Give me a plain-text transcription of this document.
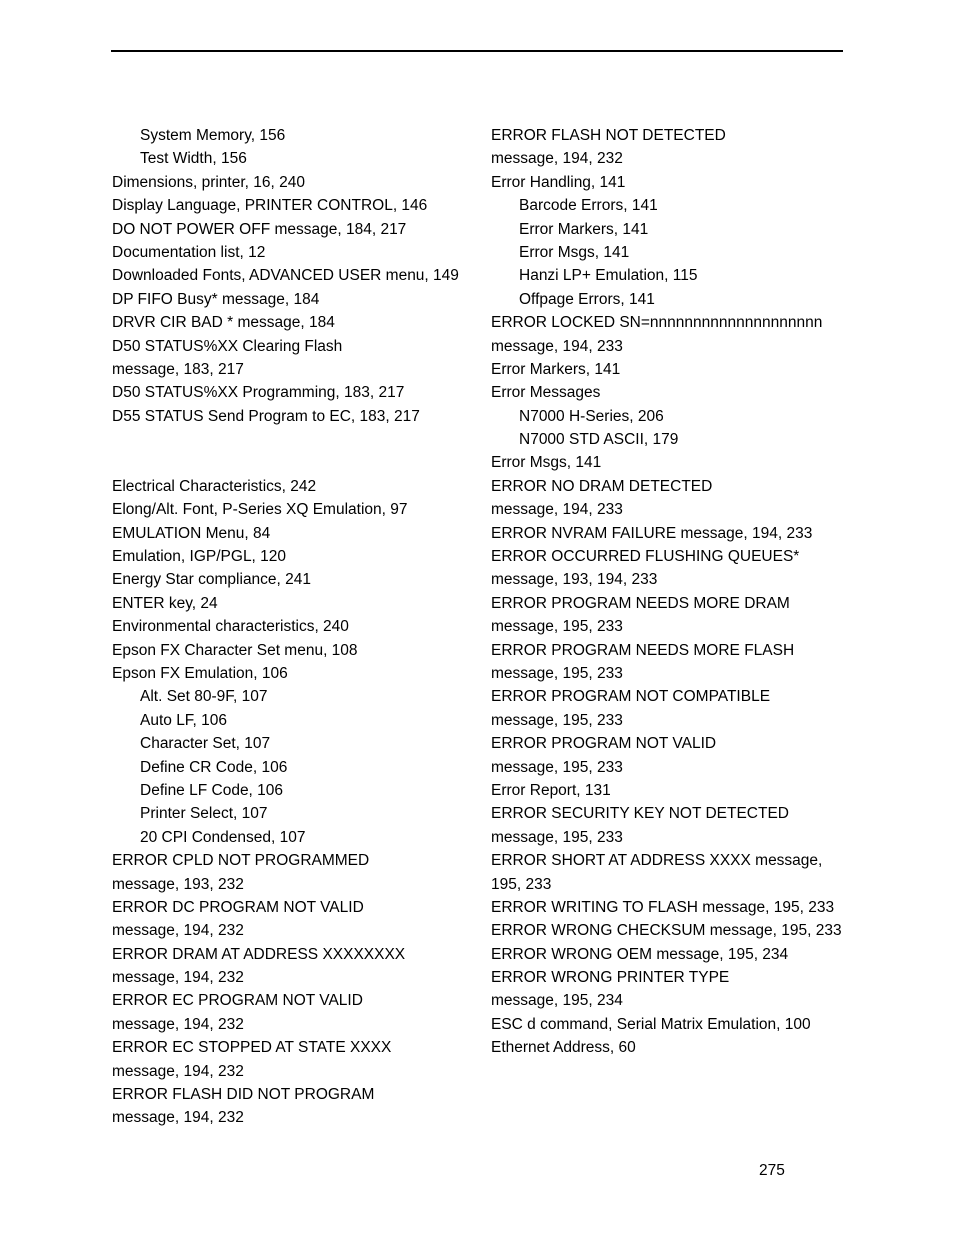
System Memory, 156
Test Width, 156
Dimensions, printer, 16, 240
Display Language, PRINTER CONTROL, 146
DO NOT POWER OFF message, 184, 217
Documentation list, 12
Downloaded Fonts, ADVANCED USER menu, 149
DP FIFO Busy* message, 184
DRVR CIR BAD * message, 184
D50 STATUS%XX Clearing Flash
message, 183, 217
D50 STATUS%XX Programming, 183, 217
D55 STATUS Send Program to EC, 183, 217
Electrical Characteristics, 242
Elong/Alt. Font, P-Series XQ Emulation, 97
EMULATION Menu, 84
Emulation, IGP/PGL, 120
Energy Star compliance, 241
ENTER key, 24
Environmental characteristics, 240
Epson FX Character Set menu, 108
Epson FX Emulation, 106
Alt. Set 80-9F, 107
Auto LF, 106
Character Set, 107
Define CR Code, 106
Define LF Code, 106
Printer Select, 107
20 CPI Condensed, 107
ERROR CPLD NOT PROGRAMMED
message, 193, 232
ERROR DC PROGRAM NOT VALID
message, 194, 232
ERROR DRAM AT ADDRESS XXXXXXXX
message, 194, 232
ERROR EC PROGRAM NOT VALID
message, 194, 232
ERROR EC STOPPED AT STATE XXXX
message, 194, 232
ERROR FLASH DID NOT PROGRAM
message, 194, 232
ERROR FLASH NOT DETECTED
message, 194, 232
Error Handling, 141
Barcode Errors, 141
Error Markers, 141
Error Msgs, 141
Hanzi LP+ Emulation, 115
Offpage Errors, 141
ERROR LOCKED SN=nnnnnnnnnnnnnnnnnnnn
message, 194, 233
Error Markers, 141
Error Messages
N7000 H-Series, 206
N7000 STD ASCII, 179
Error Msgs, 141
ERROR NO DRAM DETECTED
message, 194, 233
ERROR NVRAM FAILURE message, 194, 233
ERROR OCCURRED FLUSHING QUEUES*
message, 193, 194, 233
ERROR PROGRAM NEEDS MORE DRAM
message, 195, 233
ERROR PROGRAM NEEDS MORE FLASH
message, 195, 233
ERROR PROGRAM NOT COMPATIBLE
message, 195, 233
ERROR PROGRAM NOT VALID
message, 195, 233
Error Report, 131
ERROR SECURITY KEY NOT DETECTED
message, 195, 233
ERROR SHORT AT ADDRESS XXXX message,
195, 233
ERROR WRITING TO FLASH message, 195, 233
ERROR WRONG CHECKSUM message, 195, 233
ERROR WRONG OEM message, 195, 234
ERROR WRONG PRINTER TYPE
message, 195, 234
ESC d command, Serial Matrix Emulation, 100
Ethernet Address, 60
275
